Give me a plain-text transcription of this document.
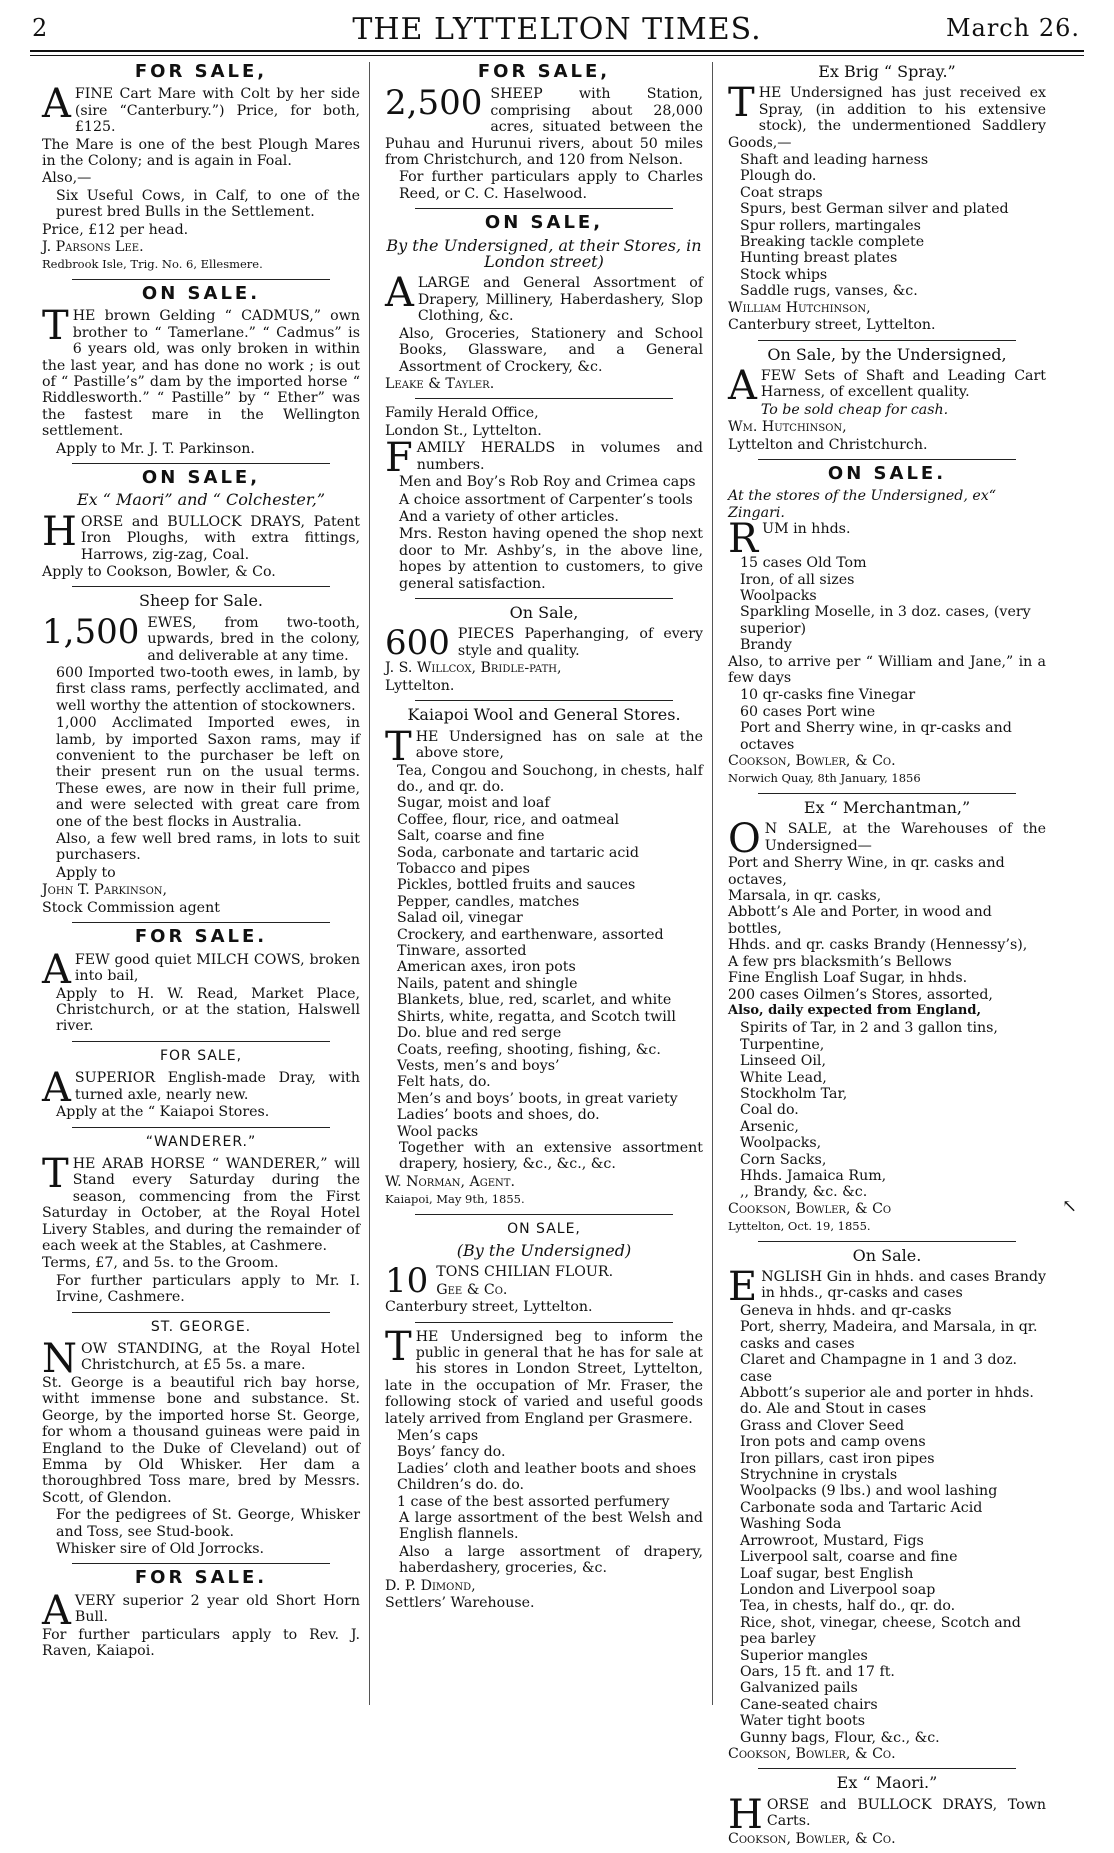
2	THE LYTTELTON TIMES.	March 26.
FOR SALE,

AFINE Cart Mare with Colt by her side (sire “Canterbury.”) Price, for both, £125.

The Mare is one of the best Plough Mares in the Colony; and is again in Foal.

Also,—

Six Useful Cows, in Calf, to one of the purest bred Bulls in the Settlement.

Price, £12 per head.

J. Parsons Lee.

Redbrook Isle, Trig. No. 6, Ellesmere.

ON SALE.

THE brown Gelding “ CADMUS,” own brother to “ Tamerlane.” “ Cadmus” is 6 years old, was only broken in within the last year, and has done no work ; is out of “ Pastille’s” dam by the imported horse “ Riddlesworth.” “ Pastille” by “ Ether” was the fastest mare in the Wellington settlement.

Apply to Mr. J. T. Parkinson.

ON SALE,
Ex “ Maori” and “ Colchester,”

HORSE and BULLOCK DRAYS, Patent Iron Ploughs, with extra fittings, Harrows, zig-zag, Coal.

Apply to Cookson, Bowler, & Co.

Sheep for Sale.

1,500 EWES, from two-tooth, upwards, bred in the colony, and deliverable at any time.

600 Imported two-tooth ewes, in lamb, by first class rams, perfectly acclimated, and well worthy the attention of stockowners.

1,000 Acclimated Imported ewes, in lamb, by imported Saxon rams, may if convenient to the purchaser be left on their present run on the usual terms. These ewes, are now in their full prime, and were selected with great care from one of the best flocks in Australia.

Also, a few well bred rams, in lots to suit purchasers.

Apply to

John T. Parkinson,

Stock Commission agent

FOR SALE.

AFEW good quiet MILCH COWS, broken into bail,

Apply to H. W. Read, Market Place, Christchurch, or at the station, Halswell river.

FOR SALE,

ASUPERIOR English-made Dray, with turned axle, nearly new.

Apply at the “ Kaiapoi Stores.

“WANDERER.”

THE ARAB HORSE “ WANDERER,” will Stand every Saturday during the season, commencing from the First Saturday in October, at the Royal Hotel Livery Stables, and during the remainder of each week at the Stables, at Cashmere.

Terms, £7, and 5s. to the Groom.

For further particulars apply to Mr. I. Irvine, Cashmere.

ST. GEORGE.

NOW STANDING, at the Royal Hotel Christchurch, at £5 5s. a mare.

St. George is a beautiful rich bay horse, witht immense bone and substance. St. George, by the imported horse St. George, for whom a thousand guineas were paid in England to the Duke of Cleveland) out of Emma by Old Whisker. Her dam a thoroughbred Toss mare, bred by Messrs. Scott, of Glendon.

For the pedigrees of St. George, Whisker and Toss, see Stud-book.

Whisker sire of Old Jorrocks.

FOR SALE.

AVERY superior 2 year old Short Horn Bull.

For further particulars apply to Rev. J. Raven, Kaiapoi.

FOR SALE,

2,500 SHEEP with Station, comprising about 28,000 acres, situated between the Puhau and Hurunui rivers, about 50 miles from Christchurch, and 120 from Nelson.

For further particulars apply to Charles Reed, or C. C. Haselwood.

ON SALE,
By the Undersigned, at their Stores, in London street)

ALARGE and General Assortment of Drapery, Millinery, Haberdashery, Slop Clothing, &c.

Also, Groceries, Stationery and School Books, Glassware, and a General Assortment of Crockery, &c.

Leake & Tayler.

Family Herald Office,

London St., Lyttelton.

FAMILY HERALDS in volumes and numbers.

Men and Boy’s Rob Roy and Crimea caps

A choice assortment of Carpenter’s tools

And a variety of other articles.

Mrs. Reston having opened the shop next door to Mr. Ashby’s, in the above line, hopes by attention to customers, to give general satisfaction.

On Sale,

600 PIECES Paperhanging, of every style and quality.

J. S. Willcox, Bridle-path,

Lyttelton.

Kaiapoi Wool and General Stores.

THE Undersigned has on sale at the above store,

Tea, Congou and Souchong, in chests, half do., and qr. do.
Sugar, moist and loaf
Coffee, flour, rice, and oatmeal
Salt, coarse and fine
Soda, carbonate and tartaric acid
Tobacco and pipes
Pickles, bottled fruits and sauces
Pepper, candles, matches
Salad oil, vinegar
Crockery, and earthenware, assorted
Tinware, assorted
American axes, iron pots
Nails, patent and shingle
Blankets, blue, red, scarlet, and white
Shirts, white, regatta, and Scotch twill
Do. blue and red serge
Coats, reefing, shooting, fishing, &c.
Vests, men’s and boys’
Felt hats, do.
Men’s and boys’ boots, in great variety
Ladies’ boots and shoes, do.
Wool packs

Together with an extensive assortment drapery, hosiery, &c., &c., &c.

W. Norman, Agent.

Kaiapoi, May 9th, 1855.

ON SALE,
(By the Undersigned)

10 TONS CHILIAN FLOUR.

Gee & Co.

Canterbury street, Lyttelton.

THE Undersigned beg to inform the public in general that he has for sale at his stores in London Street, Lyttelton, late in the occupation of Mr. Fraser, the following stock of varied and useful goods lately arrived from England per Grasmere.

Men’s caps
Boys’ fancy do.
Ladies’ cloth and leather boots and shoes
Children’s do. do.
1 case of the best assorted perfumery

A large assortment of the best Welsh and English flannels.

Also a large assortment of drapery, haberdashery, groceries, &c.

D. P. Dimond,

Settlers’ Warehouse.

Ex Brig “ Spray.”

THE Undersigned has just received ex Spray, (in addition to his extensive stock), the undermentioned Saddlery Goods,—

Shaft and leading harness
Plough do.
Coat straps
Spurs, best German silver and plated
Spur rollers, martingales
Breaking tackle complete
Hunting breast plates
Stock whips
Saddle rugs, vanses, &c.

William Hutchinson,

Canterbury street, Lyttelton.

On Sale, by the Undersigned,

AFEW Sets of Shaft and Leading Cart Harness, of excellent quality.

To be sold cheap for cash.

Wm. Hutchinson,

Lyttelton and Christchurch.

ON SALE.
At the stores of the Undersigned, ex“ Zingari.

RUM in hhds.

15 cases Old Tom
Iron, of all sizes
Woolpacks
Sparkling Moselle, in 3 doz. cases, (very superior)
Brandy

Also, to arrive per “ William and Jane,” in a few days

10 qr-casks fine Vinegar
60 cases Port wine
Port and Sherry wine, in qr-casks and octaves

Cookson, Bowler, & Co.

Norwich Quay, 8th January, 1856

Ex “ Merchantman,”

O N SALE, at the Warehouses of the Undersigned—

Port and Sherry Wine, in qr. casks and octaves,
Marsala, in qr. casks,
Abbott’s Ale and Porter, in wood and bottles,
Hhds. and qr. casks Brandy (Hennessy’s),
A few prs blacksmith’s Bellows
Fine English Loaf Sugar, in hhds.
200 cases Oilmen’s Stores, assorted,

Also, daily expected from England,

Spirits of Tar, in 2 and 3 gallon tins,
Turpentine,
Linseed Oil,
White Lead,
Stockholm Tar,
Coal do.
Arsenic,
Woolpacks,
Corn Sacks,
Hhds. Jamaica Rum,
,, Brandy, &c. &c.

Cookson, Bowler, & Co

Lyttelton, Oct. 19, 1855.

On Sale.

ENGLISH Gin in hhds. and cases Brandy in hhds., qr-casks and cases

Geneva in hhds. and qr-casks
Port, sherry, Madeira, and Marsala, in qr. casks and cases
Claret and Champagne in 1 and 3 doz. case
Abbott’s superior ale and porter in hhds. do. Ale and Stout in cases
Grass and Clover Seed
Iron pots and camp ovens
Iron pillars, cast iron pipes
Strychnine in crystals
Woolpacks (9 lbs.) and wool lashing
Carbonate soda and Tartaric Acid
Washing Soda
Arrowroot, Mustard, Figs
Liverpool salt, coarse and fine
Loaf sugar, best English
London and Liverpool soap
Tea, in chests, half do., qr. do.
Rice, shot, vinegar, cheese, Scotch and pea barley
Superior mangles
Oars, 15 ft. and 17 ft.
Galvanized pails
Cane-seated chairs
Water tight boots
Gunny bags, Flour, &c., &c.

Cookson, Bowler, & Co.

Ex “ Maori.”

HORSE and BULLOCK DRAYS, Town Carts.

Cookson, Bowler, & Co.

↖
